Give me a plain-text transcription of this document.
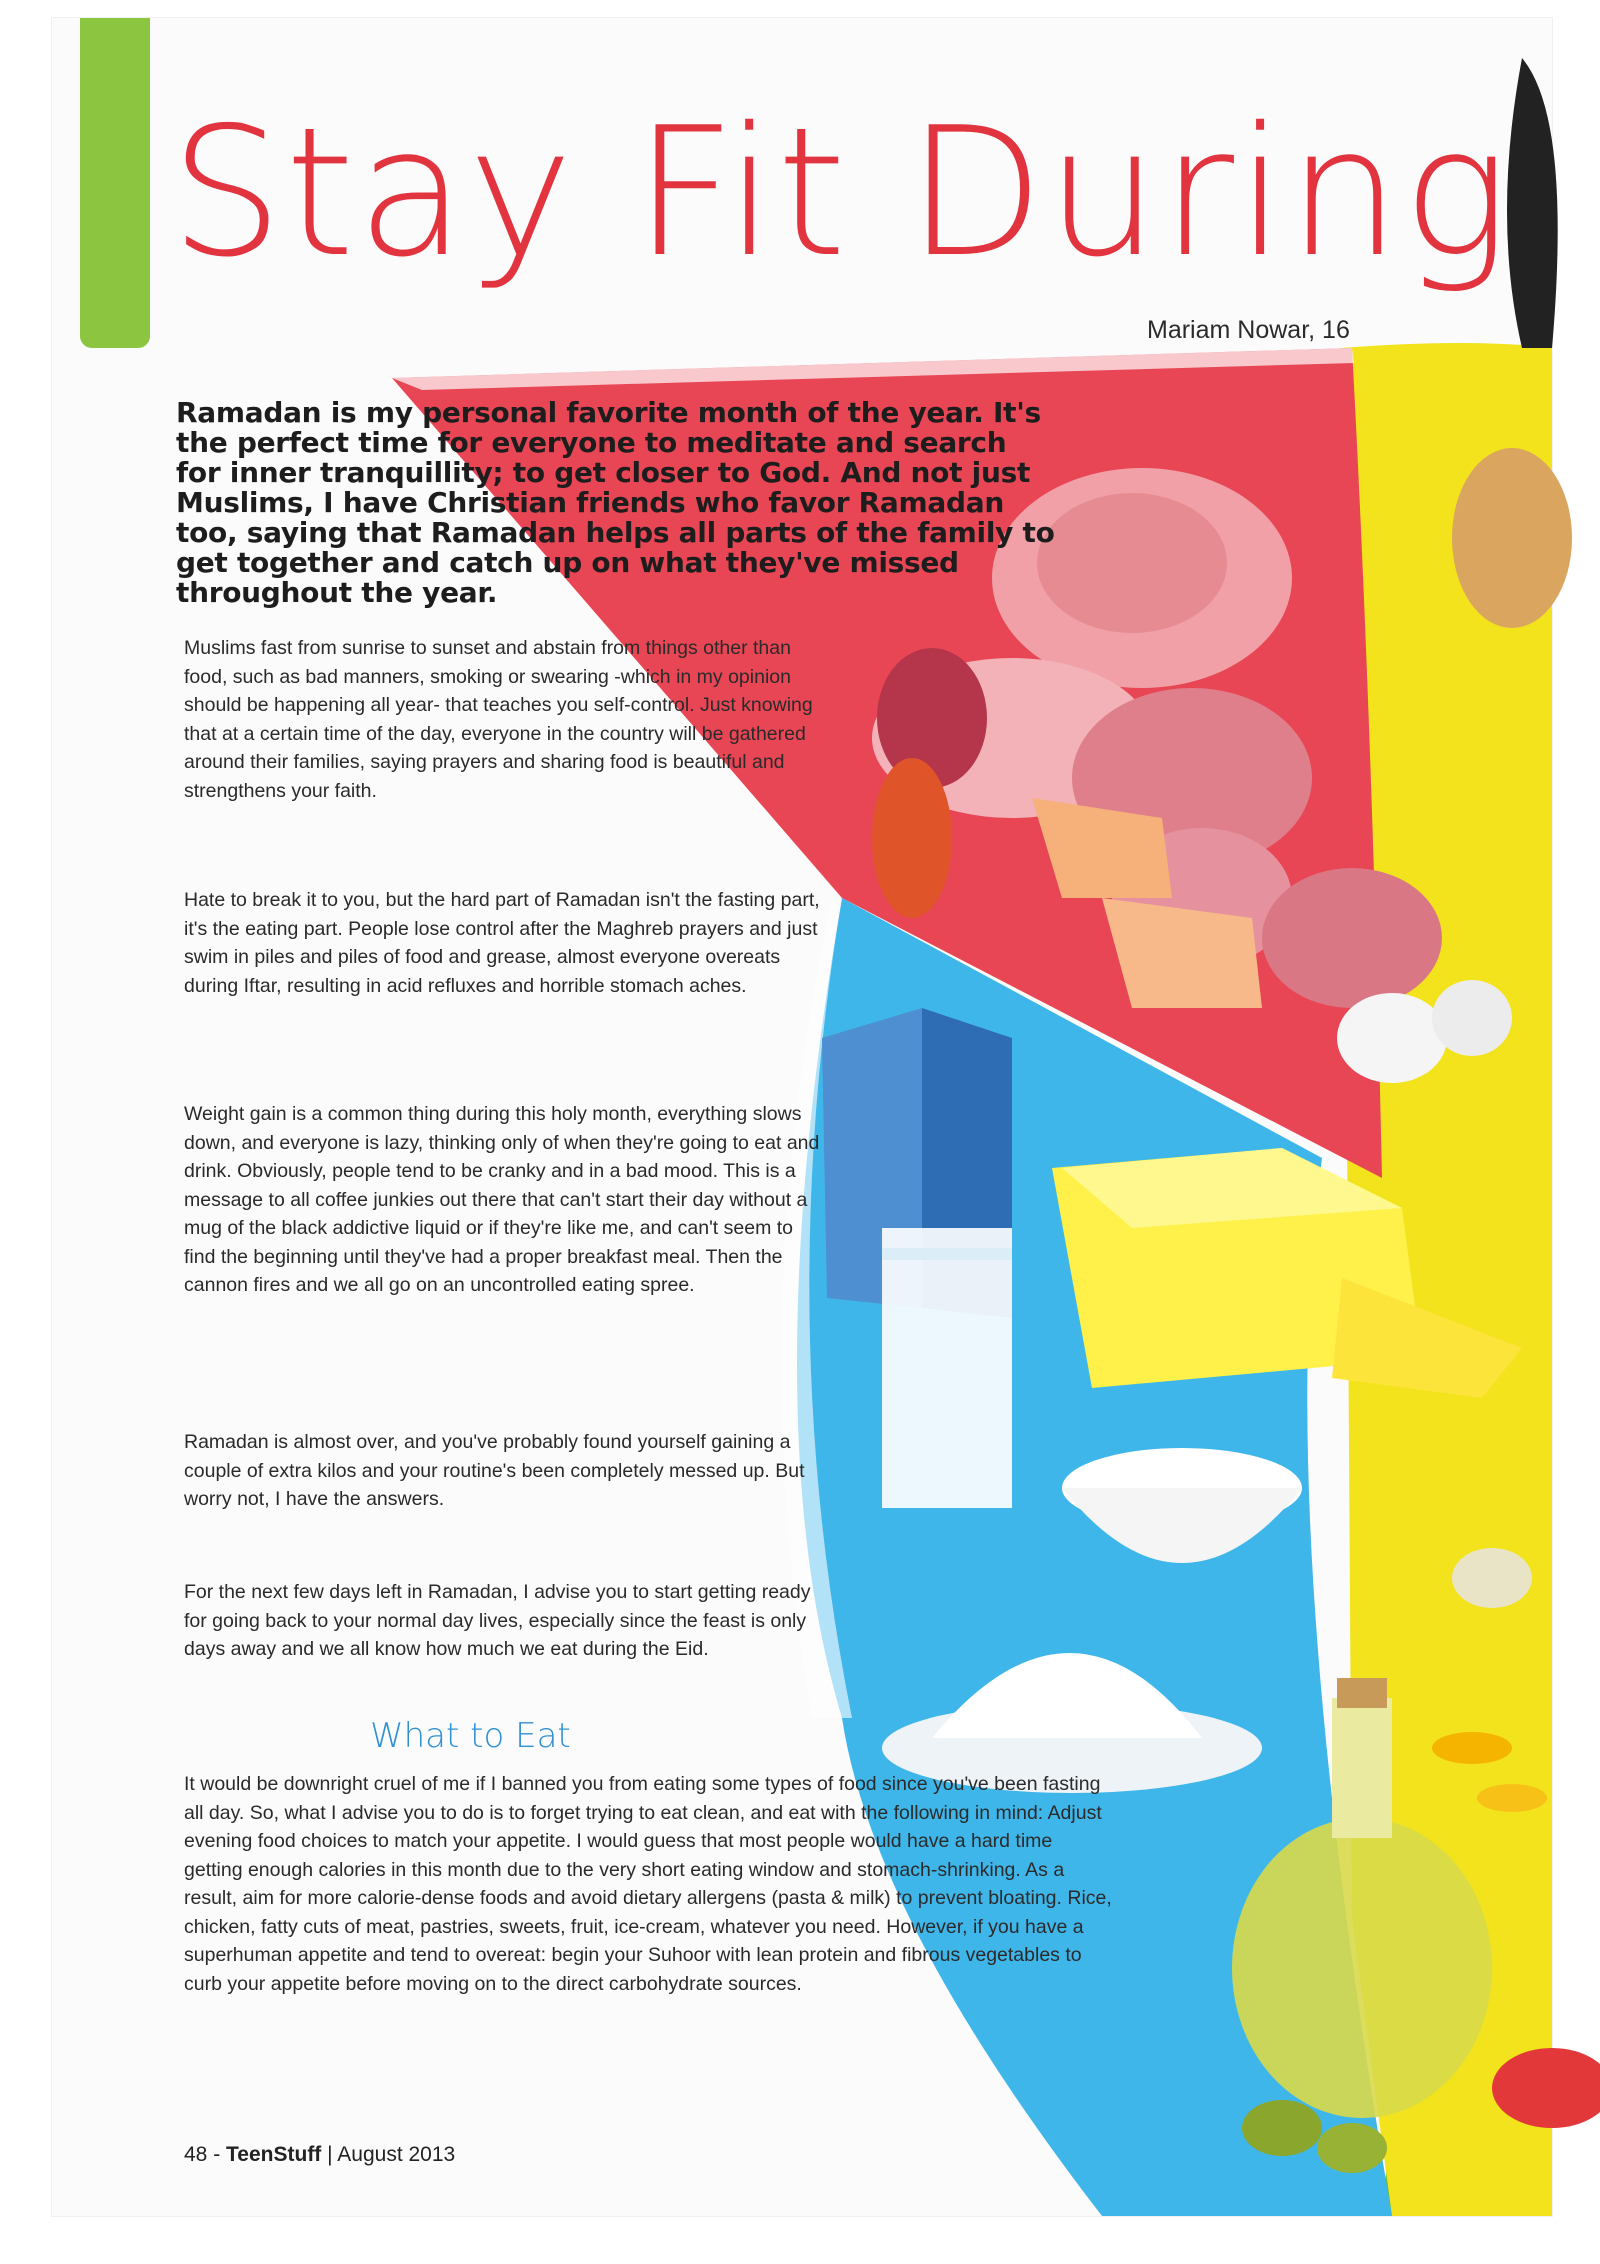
Slice of Life Stay Fit During
Mariam Nowar, 16
Ramadan is my personal favorite month of the year. It's the perfect time for everyone to meditate and search for inner tranquillity; to get closer to God. And not just Muslims, I have Christian friends who favor Ramadan too, saying that Ramadan helps all parts of the family to get together and catch up on what they've missed throughout the year.
Muslims fast from sunrise to sunset and abstain from things other than food, such as bad manners, smoking or swearing -which in my opinion should be happening all year- that teaches you self-control. Just knowing that at a certain time of the day, everyone in the country will be gathered around their families, saying prayers and sharing food is beautiful and strengthens your faith.
Hate to break it to you, but the hard part of Ramadan isn't the fasting part, it's the eating part. People lose control after the Maghreb prayers and just swim in piles and piles of food and grease, almost everyone overeats during Iftar, resulting in acid refluxes and horrible stomach aches.
Weight gain is a common thing during this holy month, everything slows down, and everyone is lazy, thinking only of when they're going to eat and drink. Obviously, people tend to be cranky and in a bad mood. This is a message to all coffee junkies out there that can't start their day without a mug of the black addictive liquid or if they're like me, and can't seem to find the beginning until they've had a proper breakfast meal. Then the cannon fires and we all go on an uncontrolled eating spree.
Ramadan is almost over, and you've probably found yourself gaining a couple of extra kilos and your routine's been completely messed up. But worry not, I have the answers.
For the next few days left in Ramadan, I advise you to start getting ready for going back to your normal day lives, especially since the feast is only days away and we all know how much we eat during the Eid.
What to Eat
It would be downright cruel of me if I banned you from eating some types of food since you've been fasting all day. So, what I advise you to do is to forget trying to eat clean, and eat with the following in mind: Adjust evening food choices to match your appetite. I would guess that most people would have a hard time getting enough calories in this month due to the very short eating window and stomach-shrinking. As a result, aim for more calorie-dense foods and avoid dietary allergens (pasta & milk) to prevent bloating. Rice, chicken, fatty cuts of meat, pastries, sweets, fruit, ice-cream, whatever you need. However, if you have a superhuman appetite and tend to overeat: begin your Suhoor with lean protein and fibrous vegetables to curb your appetite before moving on to the direct carbohydrate sources.
48 - TeenStuff | August 2013
